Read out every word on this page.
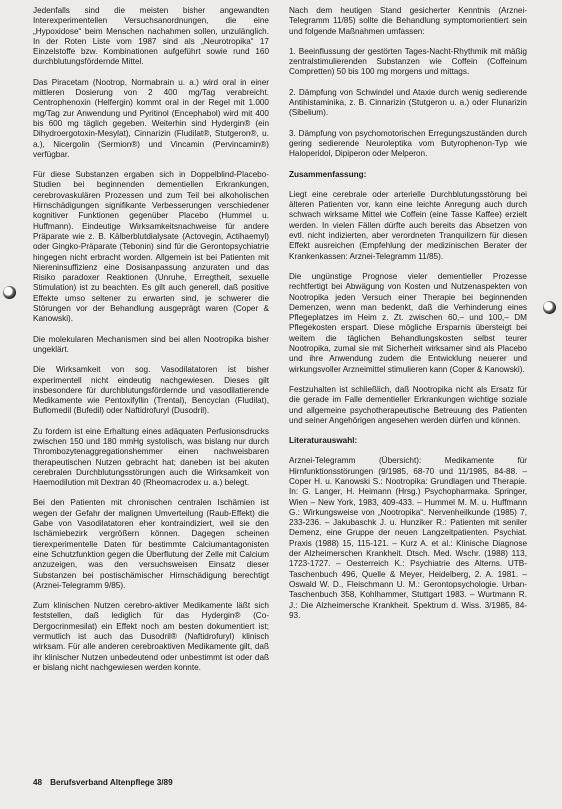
Jedenfalls sind die meisten bisher angewandten Interexperimentellen Versuchsanordnungen, die eine „Hypoxidose“ beim Menschen nachahmen sollen, unzulänglich. In der Roten Liste vom 1987 sind als „Neurotropika“ 17 Einzelstoffe bzw. Kombinationen aufgeführt sowie rund 160 durchblutungsfördernde Mittel.

Das Piracetam (Nootrop, Normabrain u. a.) wird oral in einer mittleren Dosierung von 2 400 mg/Tag verabreicht. Centrophenoxin (Helfergin) kommt oral in der Regel mit 1.000 mg/Tag zur Anwendung und Pyritinol (Encephabol) wird mit 400 bis 600 mg täglich gegeben. Weiterhin sind Hydergin® (ein Dihydroergotoxin-Mesylat), Cinnarizin (Fludilat®, Stutgeron®, u. a.), Nicergolin (Sermion®) und Vincamin (Pervincamin®) verfügbar.

Für diese Substanzen ergaben sich in Doppelblind-Placebo-Studien bei beginnenden dementiellen Erkrankungen, cerebrovaskulären Prozessen und zum Teil bei alkoholischen Hirnschädigungen signifikante Verbesserungen verschiedener kognitiver Funktionen gegenüber Placebo (Hummel u. Huffmann). Eindeutige Wirksamkeitsnachweise für andere Präparate wie z. B. Kälberblutdialysate (Actovegin, Actihaemyl) oder Gingko-Präparate (Tebonin) sind für die Gerontopsychiatrie hingegen nicht erbracht worden. Allgemein ist bei Patienten mit Niereninsuffizienz eine Dosisanpassung anzuraten und das Risiko paradoxer Reaktionen (Unruhe, Erregtheit, sexuelle Stimulation) ist zu beachten. Es gilt auch generell, daß positive Effekte umso seltener zu erwarten sind, je schwerer die Störungen vor der Behandlung ausgeprägt waren (Coper & Kanowski).

Die molekularen Mechanismen sind bei allen Nootropika bisher ungeklärt.

Die Wirksamkeit von sog. Vasodilatatoren ist bisher experimentell nicht eindeutig nachgewiesen. Dieses gilt insbesondere für durchblutungsfördernde und vasodilatierende Medikamente wie Pentoxifyllin (Trental), Bencyclan (Fludilat), Buflomedil (Bufedil) oder Naftidrofuryl (Dusodril).

Zu fordern ist eine Erhaltung eines adäquaten Perfusionsdrucks zwischen 150 und 180 mmHg systolisch, was bislang nur durch Thrombozytenaggregationshemmer einen nachweisbaren therapeutischen Nutzen gebracht hat; daneben ist bei akuten cerebralen Durchblutungsstörungen auch die Wirksamkeit von Haemodilution mit Dextran 40 (Rheomacrodex u. a.) belegt.

Bei den Patienten mit chronischen centralen Ischämien ist wegen der Gefahr der malignen Umverteilung (Raub-Effekt) die Gabe von Vasodilatatoren eher kontraindiziert, weil sie den Ischämiebezirk vergrößern können. Dagegen scheinen tierexperimentelle Daten für bestimmte Calciumantagonisten eine Schutzfunktion gegen die Überflutung der Zelle mit Calcium anzuzeigen, was den versuchsweisen Einsatz dieser Substanzen bei postischämischer Hirnschädigung berechtigt (Arznei-Telegramm 9/85).

Zum klinischen Nutzen cerebro-aktiver Medikamente läßt sich feststellen, daß lediglich für das Hydergin® (Co-Dergocrinmesilat) ein Effekt noch am besten dokumentiert ist; vermutlich ist auch das Dusodril® (Naftidrofuryl) klinisch wirksam. Für alle anderen cerebroaktiven Medikamente gilt, daß ihr klinischer Nutzen unbedeutend oder unbestimmt ist oder daß er bislang nicht nachgewiesen werden konnte.

Nach dem heutigen Stand gesicherter Kenntnis (Arznei-Telegramm 11/85) sollte die Behandlung symptomorientiert sein und folgende Maßnahmen umfassen:

1. Beeinflussung der gestörten Tages-Nacht-Rhythmik mit mäßig zentralstimulierenden Substanzen wie Coffein (Coffeinum Compretten) 50 bis 100 mg morgens und mittags.

2. Dämpfung von Schwindel und Ataxie durch wenig sedierende Antihistaminika, z. B. Cinnarizin (Stutgeron u. a.) oder Flunarizin (Sibelium).

3. Dämpfung von psychomotorischen Erregungszuständen durch gering sedierende Neuroleptika vom Butyrophenon-Typ wie Haloperidol, Dipiperon oder Melperon.

Zusammenfassung:

Liegt eine cerebrale oder arterielle Durchblutungsstörung bei älteren Patienten vor, kann eine leichte Anregung auch durch schwach wirksame Mittel wie Coffein (eine Tasse Kaffee) erzielt werden. In vielen Fällen dürfte auch bereits das Absetzen von evtl. nicht indizierten, aber verordneten Tranquilizern für diesen Effekt ausreichen (Empfehlung der medizinischen Berater der Krankenkassen: Arznei-Telegramm 11/85).

Die ungünstige Prognose vieler dementieller Prozesse rechtfertigt bei Abwägung von Kosten und Nutzenaspekten von Nootropika jeden Versuch einer Therapie bei beginnenden Demenzen, wenn man bedenkt, daß die Verhinderung eines Pflegeplatzes im Heim z. Zt. zwischen 60,– und 100,– DM Pflegekosten erspart. Diese mögliche Ersparnis übersteigt bei weitem die täglichen Behandlungskosten selbst teurer Nootropika, zumal sie mit Sicherheit wirksamer sind als Placebo und ihre Anwendung zudem die Entwicklung neuerer und wirkungsvoller Arzneimittel stimulieren kann (Coper & Kanowski).

Festzuhalten ist schließlich, daß Nootropika nicht als Ersatz für die gerade im Falle dementieller Erkrankungen wichtige soziale und allgemeine psychotherapeutische Betreuung des Patienten und seiner Angehörigen angesehen werden dürfen und können.

Literaturauswahl:

Arznei-Telegramm (Übersicht): Medikamente für Hirnfunktionsstörungen (9/1985, 68-70 und 11/1985, 84-88. – Coper H. u. Kanowski S.: Nootropika: Grundlagen und Therapie. In: G. Langer, H. Heimann (Hrsg.) Psychopharmaka. Springer, Wien – New York, 1983, 409-433. – Hummel M. M. u. Huffmann G.: Wirkungsweise von „Nootropika“. Nervenheilkunde (1985) 7, 233-236. – Jakubaschk J. u. Hunziker R.: Patienten mit seniler Demenz, eine Gruppe der neuen Langzeitpatienten. Psychiat. Praxis (1988) 15, 115-121. – Kurz A. et al.: Klinische Diagnose der Alzheimerschen Krankheit. Dtsch. Med. Wschr. (1988) 113, 1723-1727. – Oesterreich K.: Psychiatrie des Alterns. UTB-Taschenbuch 496, Quelle & Meyer, Heidelberg, 2. A. 1981. – Oswald W. D., Fleischmann U. M.: Gerontopsychologie. Urban-Taschenbuch 358, Kohlhammer, Stuttgart 1983. – Wurtmann R. J.: Die Alzheimersche Krankheit. Spektrum d. Wiss. 3/1985, 84-93.

48 Berufsverband Altenpflege 3/89
